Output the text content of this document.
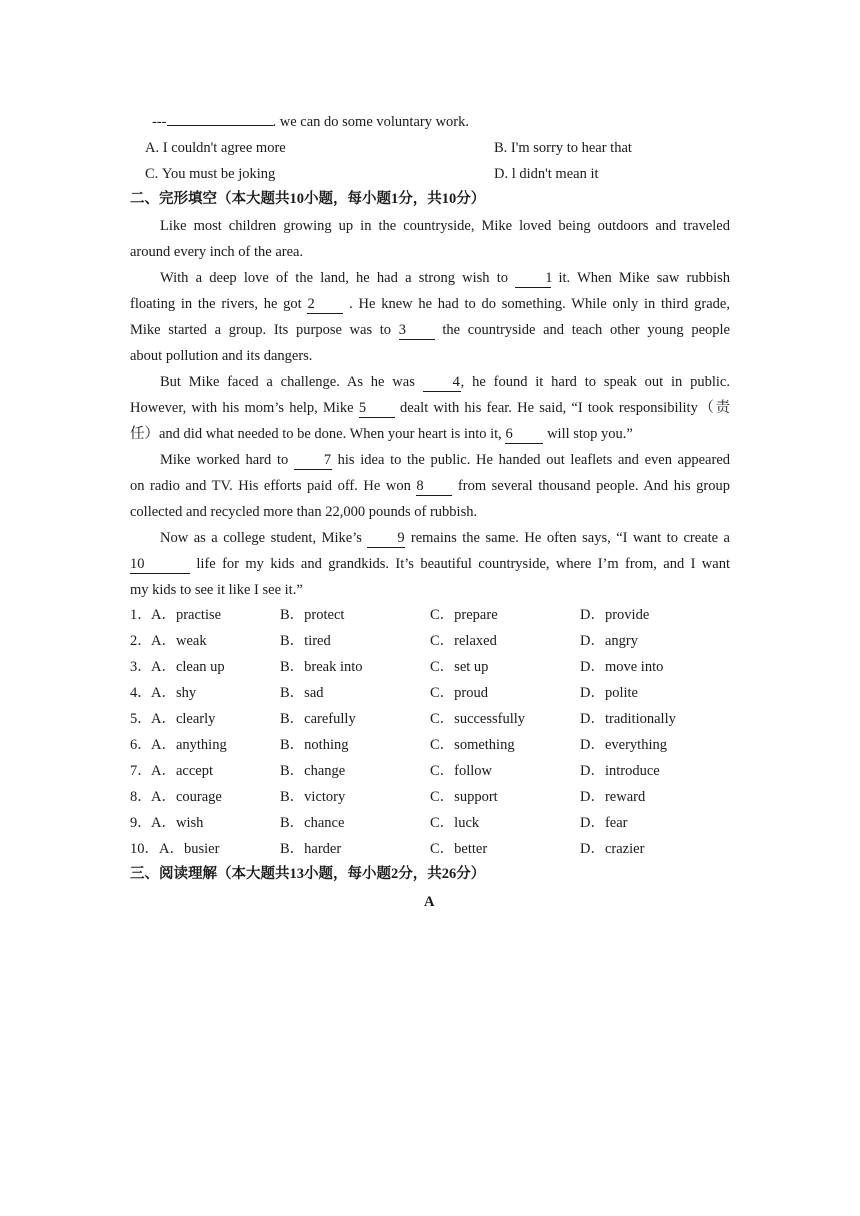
---	. we can do some voluntary work.
A. I couldn't agree more	B. I'm sorry to hear that
C. You must be joking	D. l didn't mean it
二、完形填空（本大题共10小题，每小题1分，共10分）
Like most children growing up in the countryside, Mike loved being outdoors and traveled
around every inch of the area.
With a deep love of the land, he had a strong wish to 1 it. When Mike saw rubbish
floating in the rivers, he got 2 . He knew he had to do something. While only in third grade,
Mike started a group. Its purpose was to 3 the countryside and teach other young people
about pollution and its dangers.
But Mike faced a challenge. As he was 4, he found it hard to speak out in public.
However, with his mom’s help, Mike 5 dealt with his fear. He said, “I took responsibility（责
任）and did what needed to be done. When your heart is into it, 6 will stop you.”
Mike worked hard to 7 his idea to the public. He handed out leaflets and even appeared
on radio and TV. His efforts paid off. He won 8 from several thousand people. And his group
collected and recycled more than 22,000 pounds of rubbish.
Now as a college student, Mike’s 9 remains the same. He often says, “I want to create a
10	life for my kids and grandkids. It’s beautiful countryside, where I’m from, and I want
my kids to see it like I see it.”
1． A．practise	B．protect	C．prepare	D．provide
2． A．weak	B．tired	C．relaxed	D．angry
3． A．clean up	B．break into	C．set up	D．move into
4． A．shy	B．sad	C．proud	D．polite
5． A．clearly	B．carefully	C．successfully	D．traditionally
6． A．anything	B．nothing	C．something	D．everything
7． A．accept	B．change	C．follow	D．introduce
8． A．courage	B．victory	C．support	D．reward
9． A．wish	B．chance	C．luck	D．fear
10． A．busier	B．harder	C．better	D．crazier
三、阅读理解（本大题共13小题，每小题2分，共26分）
A
